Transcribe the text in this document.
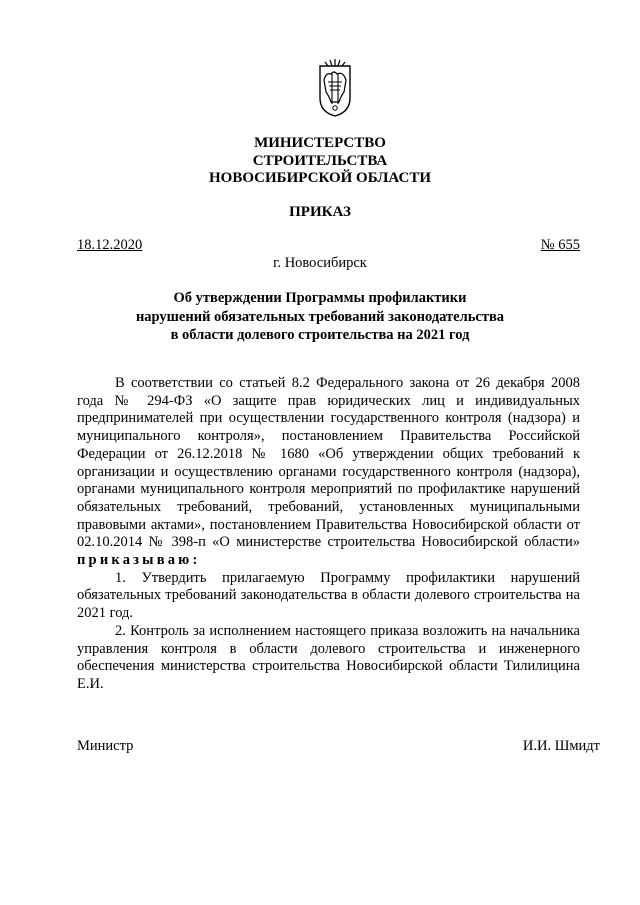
МИНИСТЕРСТВО
СТРОИТЕЛЬСТВА
НОВОСИБИРСКОЙ ОБЛАСТИ
ПРИКАЗ
18.12.2020	№ 655
г. Новосибирск
Об утверждении Программы профилактики
нарушений обязательных требований законодательства
в области долевого строительства на 2021 год

В соответствии со статьей 8.2 Федерального закона от 26 декабря 2008 года № 294-ФЗ «О защите прав юридических лиц и индивидуальных предпринимателей при осуществлении государственного контроля (надзора) и муниципального контроля», постановлением Правительства Российской Федерации от 26.12.2018 № 1680 «Об утверждении общих требований к организации и осуществлению органами государственного контроля (надзора), органами муниципального контроля мероприятий по профилактике нарушений обязательных требований, требований, установленных муниципальными правовыми актами», постановлением Правительства Новосибирской области от 02.10.2014 № 398-п «О министерстве строительства Новосибирской области» приказываю:

1. Утвердить прилагаемую Программу профилактики нарушений обязательных требований законодательства в области долевого строительства на 2021 год.

2. Контроль за исполнением настоящего приказа возложить на начальника управления контроля в области долевого строительства и инженерного обеспечения министерства строительства Новосибирской области Тилилицина Е.И.

Министр	И.И. Шмидт
